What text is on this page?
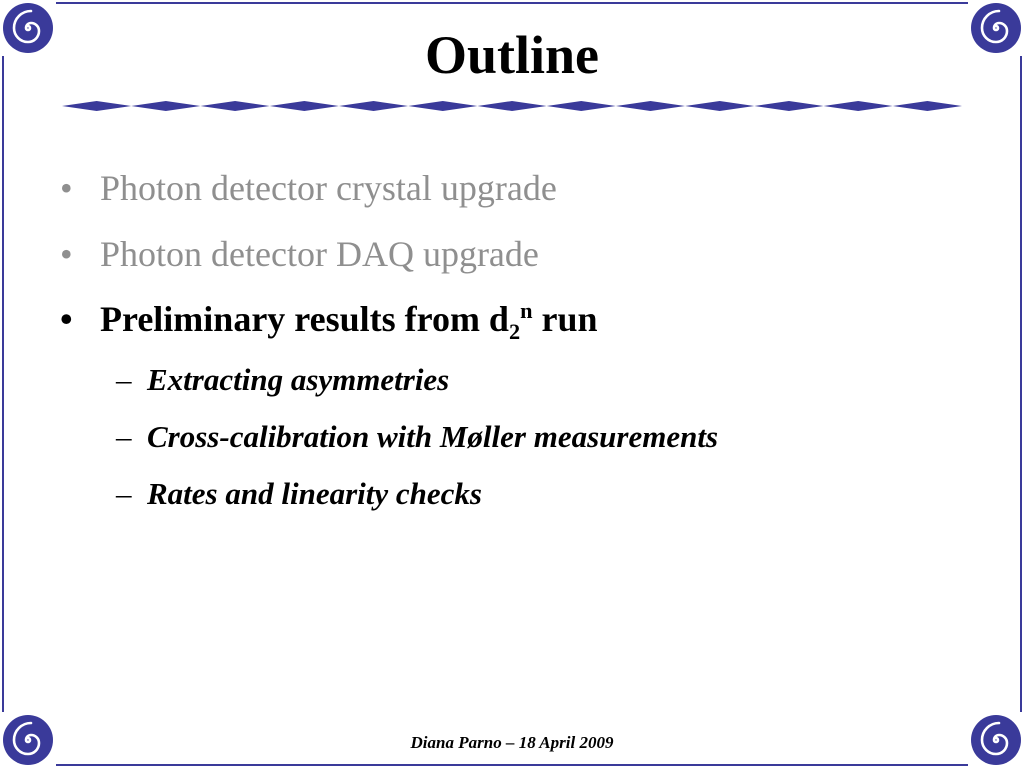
Outline
• Photon detector crystal upgrade
• Photon detector DAQ upgrade
• Preliminary results from $d_2^n$ run
– Extracting asymmetries
– Cross-calibration with Møller measurements
– Rates and linearity checks
Diana Parno – 18 April 2009
